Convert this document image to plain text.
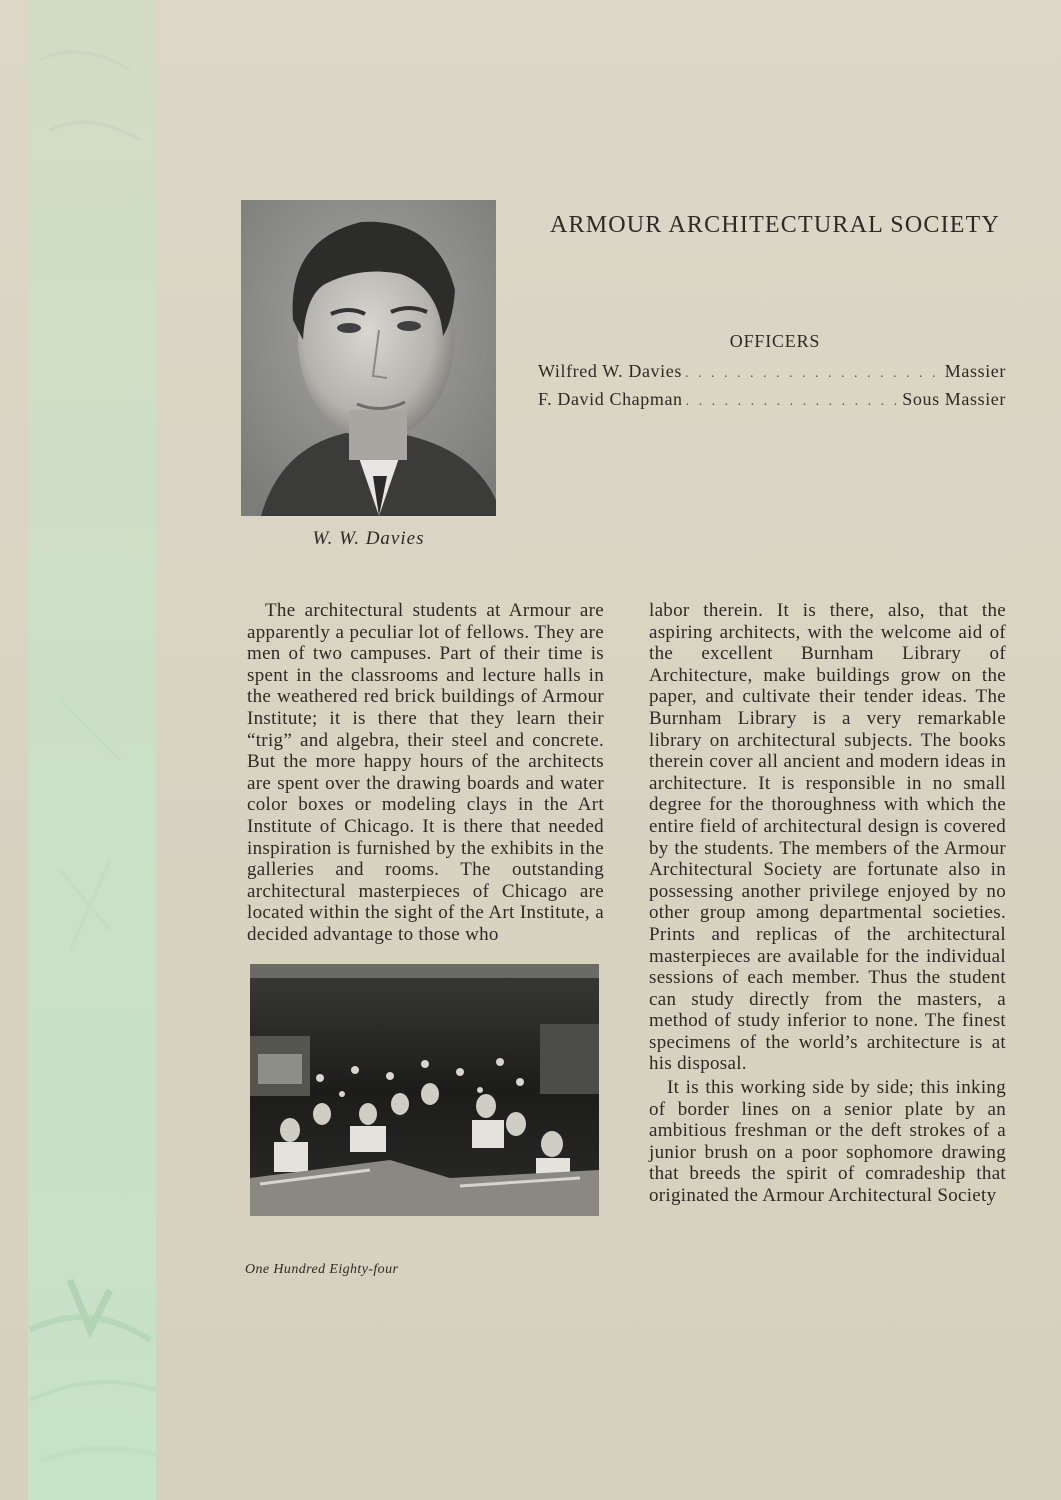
W. W. Davies
ARMOUR ARCHITECTURAL SOCIETY
OFFICERS
Wilfred W. Davies . . .	Massier
F. David Chapman . . .	Sous Massier

The architectural students at Armour are apparently a peculiar lot of fellows. They are men of two campuses. Part of their time is spent in the classrooms and lecture halls in the weathered red brick buildings of Armour Institute; it is there that they learn their “trig” and algebra, their steel and concrete. But the more happy hours of the architects are spent over the drawing boards and water color boxes or modeling clays in the Art Institute of Chicago. It is there that needed inspiration is furnished by the exhibits in the galleries and rooms. The outstanding architectural masterpieces of Chicago are located within the sight of the Art Institute, a decided advantage to those who

labor therein. It is there, also, that the aspiring architects, with the welcome aid of the excellent Burnham Library of Architecture, make buildings grow on the paper, and cultivate their tender ideas. The Burnham Library is a very remarkable library on architectural subjects. The books therein cover all ancient and modern ideas in architecture. It is responsible in no small degree for the thoroughness with which the entire field of architectural design is covered by the students. The members of the Armour Architectural Society are fortunate also in possessing another privilege enjoyed by no other group among departmental societies. Prints and replicas of the architectural masterpieces are available for the individual sessions of each member. Thus the student can study directly from the masters, a method of study inferior to none. The finest specimens of the world’s architecture is at his disposal.

It is this working side by side; this inking of border lines on a senior plate by an ambitious freshman or the deft strokes of a junior brush on a poor sophomore drawing that breeds the spirit of comradeship that originated the Armour Architectural Society

One Hundred Eighty-four
